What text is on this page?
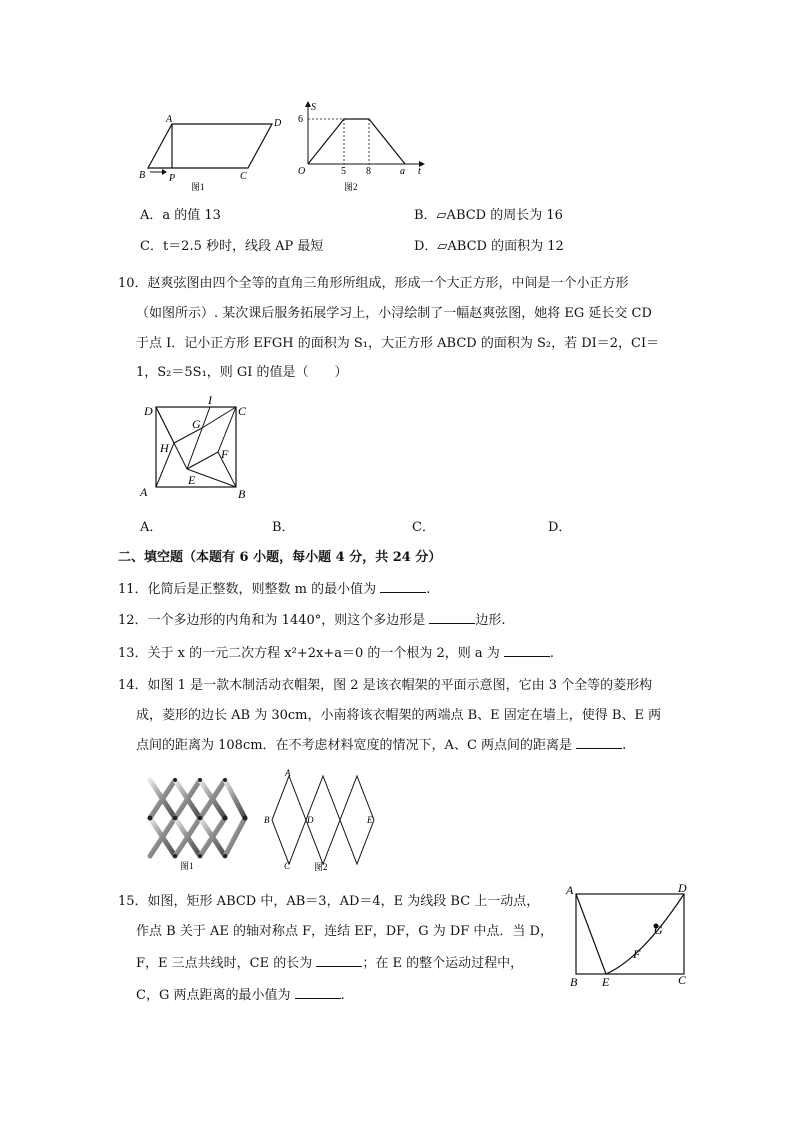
A	D
B P	C
图1
S
6
O	5 8	a t
图2
A．a 的值 13	B．▱ABCD 的周长为 16
C．t＝2.5 秒时，线段 AP 最短	D．▱ABCD 的面积为 12
10．赵爽弦图由四个全等的直角三角形所组成，形成一个大正方形，中间是一个小正方形
（如图所示）. 某次课后服务拓展学习上，小浔绘制了一幅赵爽弦图，她将 EG 延长交 CD
于点 I．记小正方形 EFGH 的面积为 S₁，大正方形 ABCD 的面积为 S₂，若 DI＝2，CI＝
1，S₂＝5S₁，则 GI 的值是（　　）
D
I
C
G
H	F
A
E
B
A．	B．	C．	D．
二、填空题（本题有 6 小题，每小题 4 分，共 24 分）
11．化简后是正整数，则整数 m 的最小值为	.
12．一个多边形的内角和为 1440°，则这个多边形是	边形.
13．关于 x 的一元二次方程 x²+2x+a＝0 的一个根为 2，则 a 为	.
14．如图 1 是一款木制活动衣帽架，图 2 是该衣帽架的平面示意图，它由 3 个全等的菱形构
成，菱形的边长 AB 为 30cm，小南将该衣帽架的两端点 B、E 固定在墙上，使得 B、E 两
点间的距离为 108cm．在不考虑材料宽度的情况下，A、C 两点间的距离是	.
图1
A
B	D	E
C	图2
15．如图，矩形 ABCD 中，AB＝3，AD＝4，E 为线段 BC 上一动点，
作点 B 关于 AE 的轴对称点 F，连结 EF，DF，G 为 DF 中点．当 D，
F，E 三点共线时，CE 的长为	；在 E 的整个运动过程中，
C，G 两点距离的最小值为	.
A	D
G
F
B E	C
